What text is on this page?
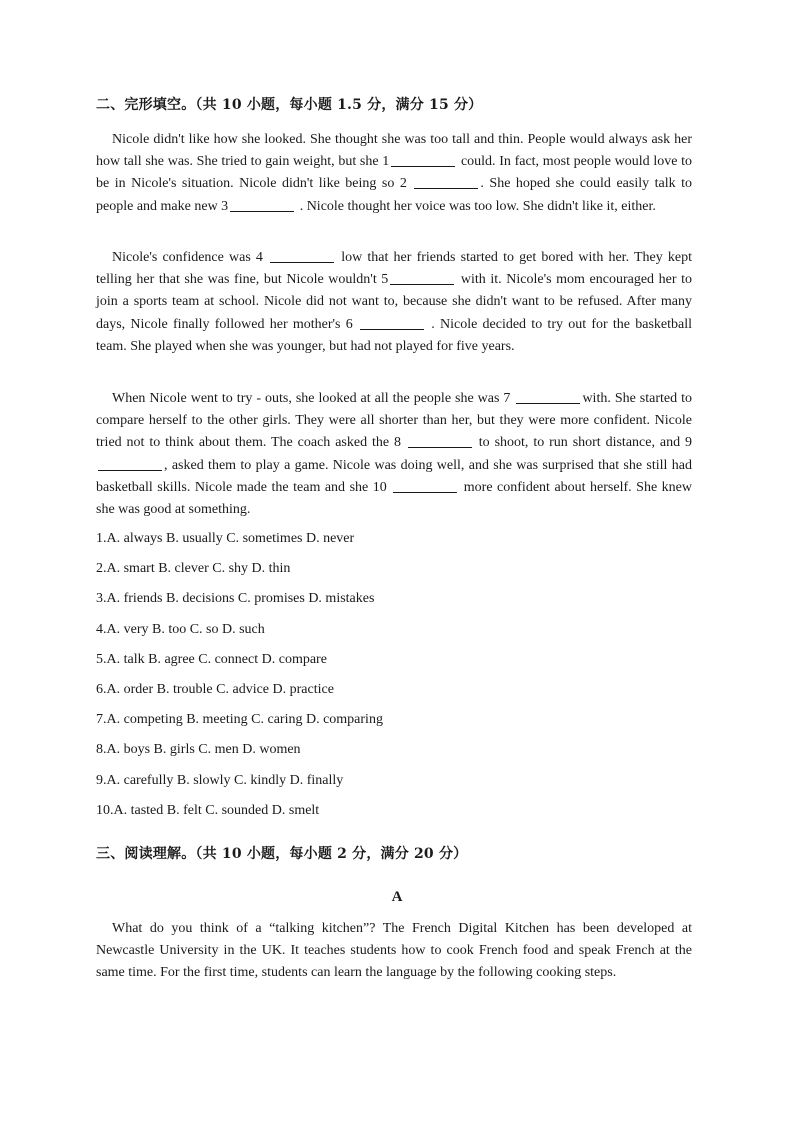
二、完形填空。（共 10 小题，每小题 1.5 分，满分 15 分）

Nicole didn't like how she looked. She thought she was too tall and thin. People would always ask her how tall she was. She tried to gain weight, but she 1	could. In fact, most people would love to be in Nicole's situation. Nicole didn't like being so 2	. She hoped she could easily talk to people and make new 3	. Nicole thought her voice was too low. She didn't like it, either.

Nicole's confidence was 4	low that her friends started to get bored with her. They kept telling her that she was fine, but Nicole wouldn't 5	with it. Nicole's mom encouraged her to join a sports team at school. Nicole did not want to, because she didn't want to be refused. After many days, Nicole finally followed her mother's 6	. Nicole decided to try out for the basketball team. She played when she was younger, but had not played for five years.

When Nicole went to try - outs, she looked at all the people she was 7	with. She started to compare herself to the other girls. They were all shorter than her, but they were more confident. Nicole tried not to think about them. The coach asked the 8	to shoot, to run short distance, and 9 , asked them to play a game. Nicole was doing well, and she was surprised that she still had basketball skills. Nicole made the team and she 10	more confident about herself. She knew she was good at something.

1.A. always B. usually C. sometimes D. never
2.A. smart B. clever C. shy D. thin
3.A. friends B. decisions C. promises D. mistakes
4.A. very B. too C. so D. such
5.A. talk B. agree C. connect D. compare
6.A. order B. trouble C. advice D. practice
7.A. competing B. meeting C. caring D. comparing
8.A. boys B. girls C. men D. women
9.A. carefully B. slowly C. kindly D. finally
10.A. tasted B. felt C. sounded D. smelt
三、阅读理解。（共 10 小题，每小题 2 分，满分 20 分）
A

What do you think of a “talking kitchen”? The French Digital Kitchen has been developed at Newcastle University in the UK. It teaches students how to cook French food and speak French at the same time. For the first time, students can learn the language by the following cooking steps.
